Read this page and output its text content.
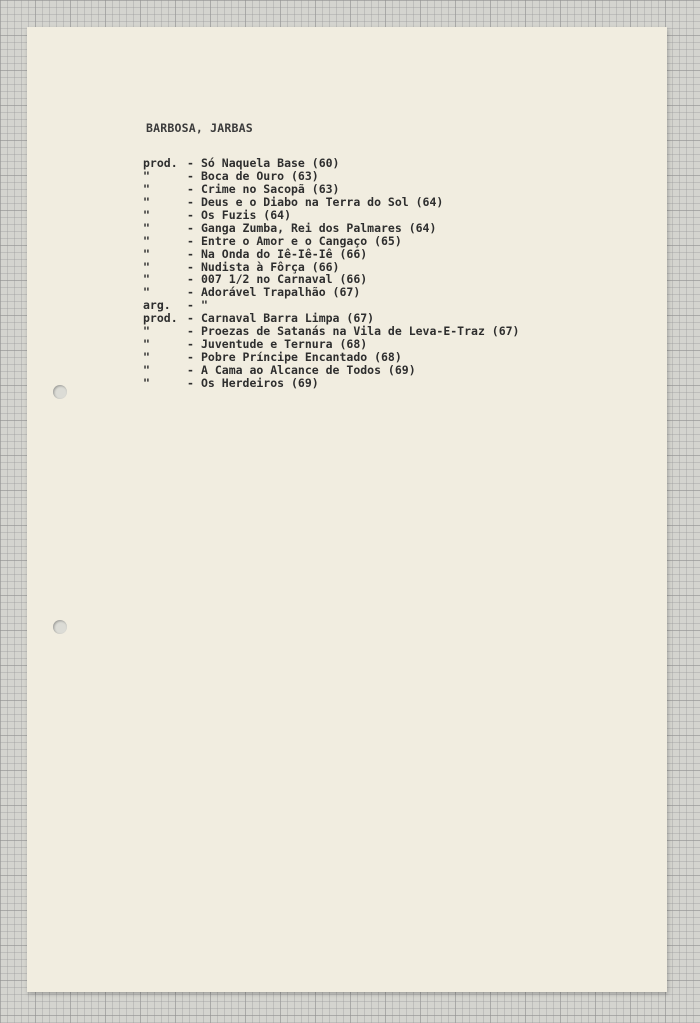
BARBOSA, JARBAS
prod. - Só Naquela Base (60)
"	- Boca de Ouro (63)
"	- Crime no Sacopã (63)
"	- Deus e o Diabo na Terra do Sol (64)
"	- Os Fuzis (64)
"	- Ganga Zumba, Rei dos Palmares (64)
"	- Entre o Amor e o Cangaço (65)
"	- Na Onda do Iê-Iê-Iê (66)
"	- Nudista à Fôrça (66)
"	- 007 1/2 no Carnaval (66)
"	- Adorável Trapalhão (67)
arg. - "
prod. - Carnaval Barra Limpa (67)
"	- Proezas de Satanás na Vila de Leva-E-Traz (67)
"	- Juventude e Ternura (68)
"	- Pobre Príncipe Encantado (68)
"	- A Cama ao Alcance de Todos (69)
"	- Os Herdeiros (69)
